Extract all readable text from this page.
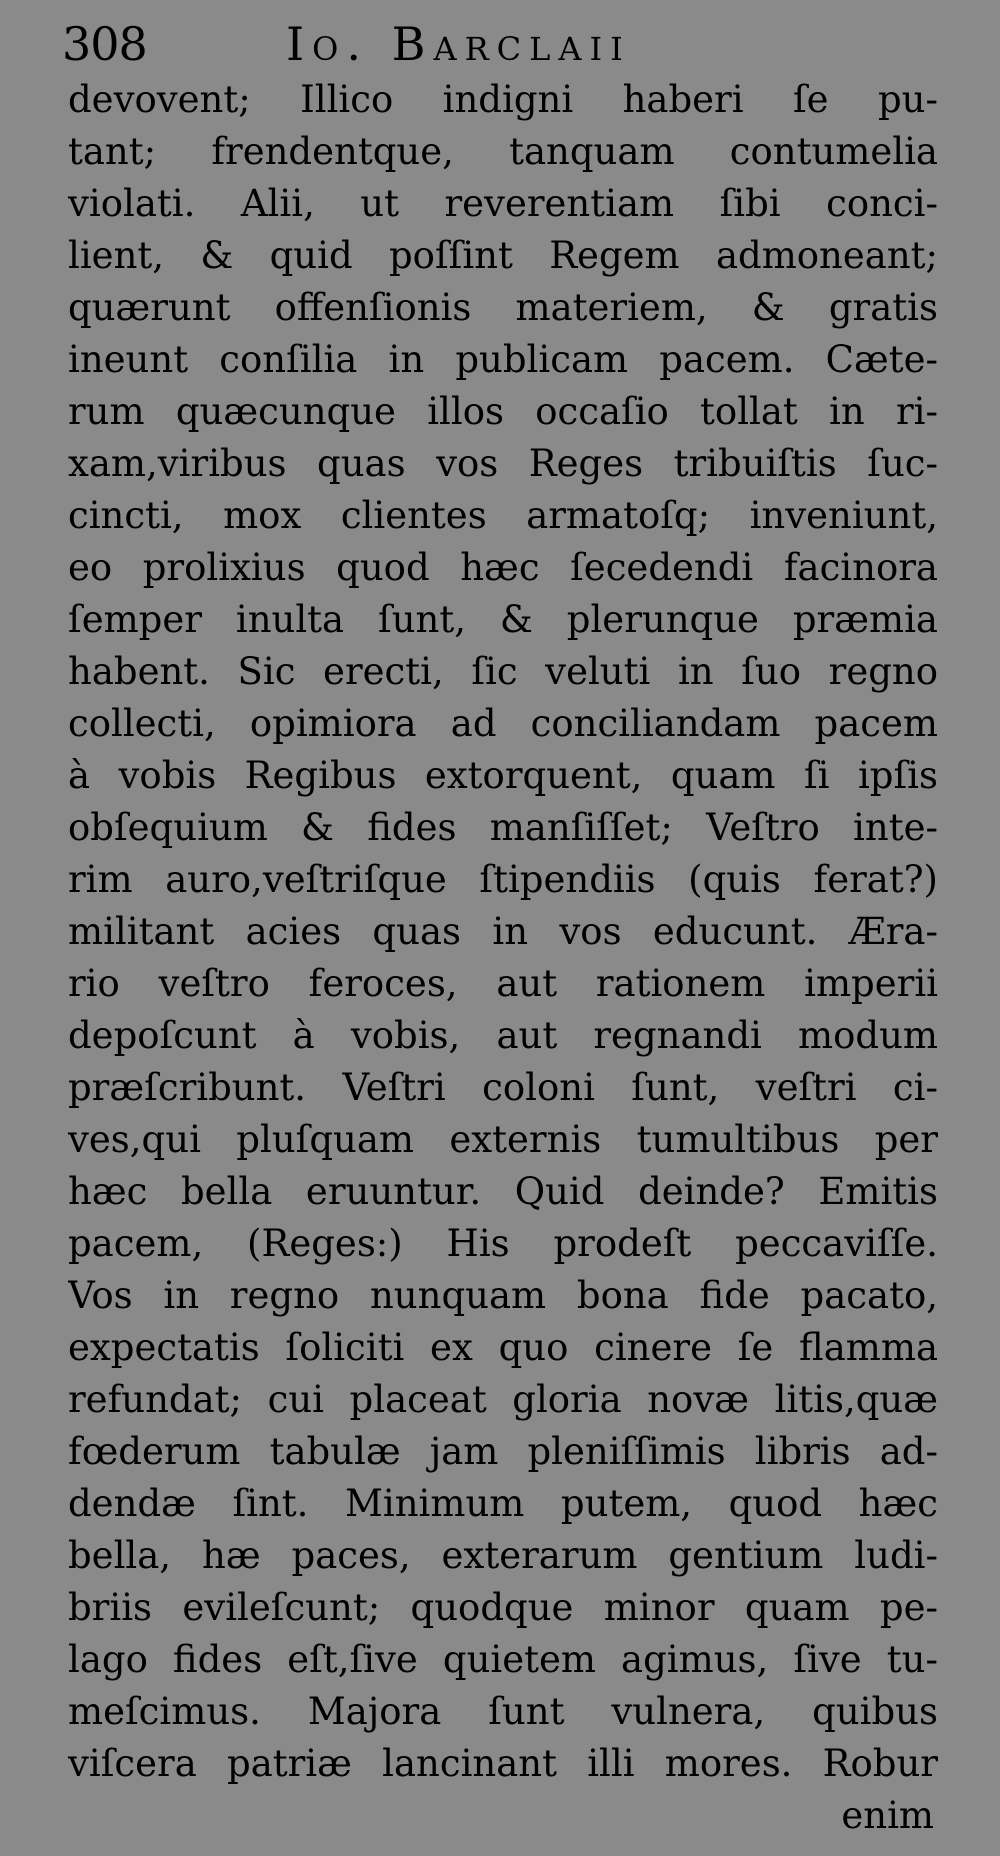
308	Io. Barclaii
devovent; Illico indigni haberi ſe pu-
tant; frendentque, tanquam contumelia
violati. Alii, ut reverentiam ſibi conci-
lient, & quid poſſint Regem admoneant;
quærunt offenſionis materiem, & gratis
ineunt conſilia in publicam pacem. Cæte-
rum quæcunque illos occaſio tollat in ri-
xam,viribus quas vos Reges tribuiſtis ſuc-
cincti, mox clientes armatoſq; inveniunt,
eo prolixius quod hæc ſecedendi facinora
ſemper inulta ſunt, & plerunque præmia
habent. Sic erecti, ſic veluti in ſuo regno
collecti, opimiora ad conciliandam pacem
à vobis Regibus extorquent, quam ſi ipſis
obſequium & fides manſiſſet; Veſtro inte-
rim auro,veſtriſque ſtipendiis (quis ferat?)
militant acies quas in vos educunt. Æra-
rio veſtro feroces, aut rationem imperii
depoſcunt à vobis, aut regnandi modum
præſcribunt. Veſtri coloni ſunt, veſtri ci-
ves,qui pluſquam externis tumultibus per
hæc bella eruuntur. Quid deinde? Emitis
pacem, (Reges:) His prodeſt peccaviſſe.
Vos in regno nunquam bona fide pacato,
expectatis ſoliciti ex quo cinere ſe flamma
refundat; cui placeat gloria novæ litis,quæ
fœderum tabulæ jam pleniſſimis libris ad-
dendæ ſint. Minimum putem, quod hæc
bella, hæ paces, exterarum gentium ludi-
briis evileſcunt; quodque minor quam pe-
lago fides eſt,ſive quietem agimus, ſive tu-
meſcimus. Majora ſunt vulnera, quibus
viſcera patriæ lancinant illi mores. Robur
enim
